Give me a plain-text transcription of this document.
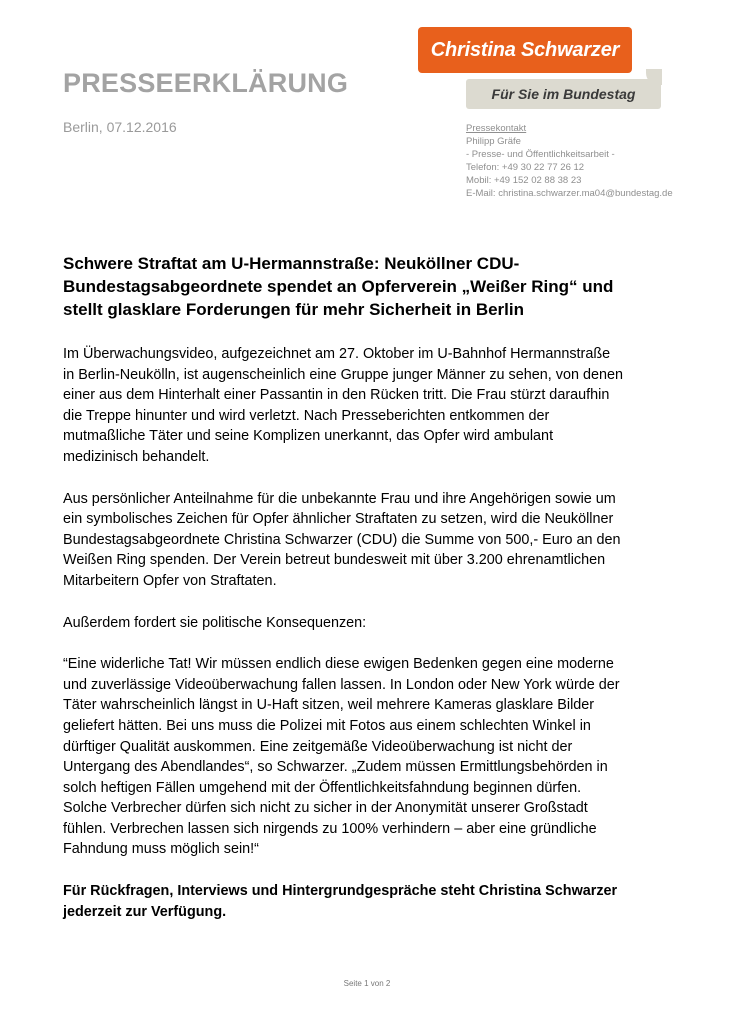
PRESSEERKLÄRUNG
Berlin, 07.12.2016
Christina Schwarzer
Für Sie im Bundestag
Pressekontakt
Philipp Gräfe
- Presse- und Öffentlichkeitsarbeit -
Telefon: +49 30 22 77 26 12
Mobil: +49 152 02 88 38 23
E-Mail: christina.schwarzer.ma04@bundestag.de
Schwere Straftat am U-Hermannstraße: Neuköllner CDU-
Bundestagsabgeordnete spendet an Opferverein „Weißer Ring“ und
stellt glasklare Forderungen für mehr Sicherheit in Berlin

Im Überwachungsvideo, aufgezeichnet am 27. Oktober im U-Bahnhof Hermannstraße
in Berlin-Neukölln, ist augenscheinlich eine Gruppe junger Männer zu sehen, von denen
einer aus dem Hinterhalt einer Passantin in den Rücken tritt. Die Frau stürzt daraufhin
die Treppe hinunter und wird verletzt. Nach Presseberichten entkommen der
mutmaßliche Täter und seine Komplizen unerkannt, das Opfer wird ambulant
medizinisch behandelt.

Aus persönlicher Anteilnahme für die unbekannte Frau und ihre Angehörigen sowie um
ein symbolisches Zeichen für Opfer ähnlicher Straftaten zu setzen, wird die Neuköllner
Bundestagsabgeordnete Christina Schwarzer (CDU) die Summe von 500,- Euro an den
Weißen Ring spenden. Der Verein betreut bundesweit mit über 3.200 ehrenamtlichen
Mitarbeitern Opfer von Straftaten.

Außerdem fordert sie politische Konsequenzen:

“Eine widerliche Tat! Wir müssen endlich diese ewigen Bedenken gegen eine moderne
und zuverlässige Videoüberwachung fallen lassen. In London oder New York würde der
Täter wahrscheinlich längst in U-Haft sitzen, weil mehrere Kameras glasklare Bilder
geliefert hätten. Bei uns muss die Polizei mit Fotos aus einem schlechten Winkel in
dürftiger Qualität auskommen. Eine zeitgemäße Videoüberwachung ist nicht der
Untergang des Abendlandes“, so Schwarzer. „Zudem müssen Ermittlungsbehörden in
solch heftigen Fällen umgehend mit der Öffentlichkeitsfahndung beginnen dürfen.
Solche Verbrecher dürfen sich nicht zu sicher in der Anonymität unserer Großstadt
fühlen. Verbrechen lassen sich nirgends zu 100% verhindern – aber eine gründliche
Fahndung muss möglich sein!“

Für Rückfragen, Interviews und Hintergrundgespräche steht Christina Schwarzer
jederzeit zur Verfügung.

Seite 1 von 2
